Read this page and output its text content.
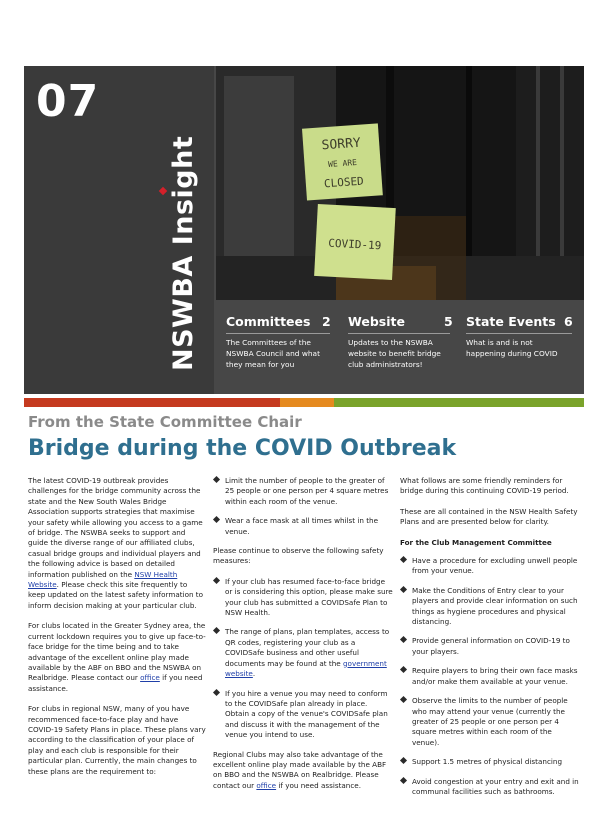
07
NSWBA Insight	SORRY
WE ARE
CLOSED
COVID-19
Committees 2
The Committees of the NSWBA Council and what they mean for you
Website	5
Updates to the NSWBA website to benefit bridge club administrators!
State Events 6
What is and is not happening during COVID
From the State Committee Chair
Bridge during the COVID Outbreak

The latest COVID-19 outbreak provides challenges for the bridge community across the state and the New South Wales Bridge Association supports strategies that maximise your safety while allowing you access to a game of bridge. The NSWBA seeks to support and guide the diverse range of our affiliated clubs, casual bridge groups and individual players and the following advice is based on detailed information published on the NSW Health Website. Please check this site frequently to keep updated on the latest safety information to inform decision making at your particular club.

For clubs located in the Greater Sydney area, the current lockdown requires you to give up face-to-face bridge for the time being and to take advantage of the excellent online play made available by the ABF on BBO and the NSWBA on Realbridge. Please contact our office if you need assistance.

For clubs in regional NSW, many of you have recommenced face-to-face play and have COVID-19 Safety Plans in place. These plans vary according to the classification of your place of play and each club is responsible for their particular plan. Currently, the main changes to these plans are the requirement to:

Limit the number of people to the greater of 25 people or one person per 4 square metres within each room of the venue.
Wear a face mask at all times whilst in the venue.

Please continue to observe the following safety measures:

If your club has resumed face-to-face bridge or is considering this option, please make sure your club has submitted a COVIDSafe Plan to NSW Health.
The range of plans, plan templates, access to QR codes, registering your club as a COVIDSafe business and other useful documents may be found at the government website.
If you hire a venue you may need to conform to the COVIDSafe plan already in place. Obtain a copy of the venue's COVIDSafe plan and discuss it with the management of the venue you intend to use.

Regional Clubs may also take advantage of the excellent online play made available by the ABF on BBO and the NSWBA on Realbridge. Please contact our office if you need assistance.

What follows are some friendly reminders for bridge during this continuing COVID-19 period.

These are all contained in the NSW Health Safety Plans and are presented below for clarity.

For the Club Management Committee
Have a procedure for excluding unwell people from your venue.
Make the Conditions of Entry clear to your players and provide clear information on such things as hygiene procedures and physical distancing.
Provide general information on COVID-19 to your players.
Require players to bring their own face masks and/or make them available at your venue.
Observe the limits to the number of people who may attend your venue (currently the greater of 25 people or one person per 4 square metres within each room of the venue).
Support 1.5 metres of physical distancing
Avoid congestion at your entry and exit and in communal facilities such as bathrooms.
